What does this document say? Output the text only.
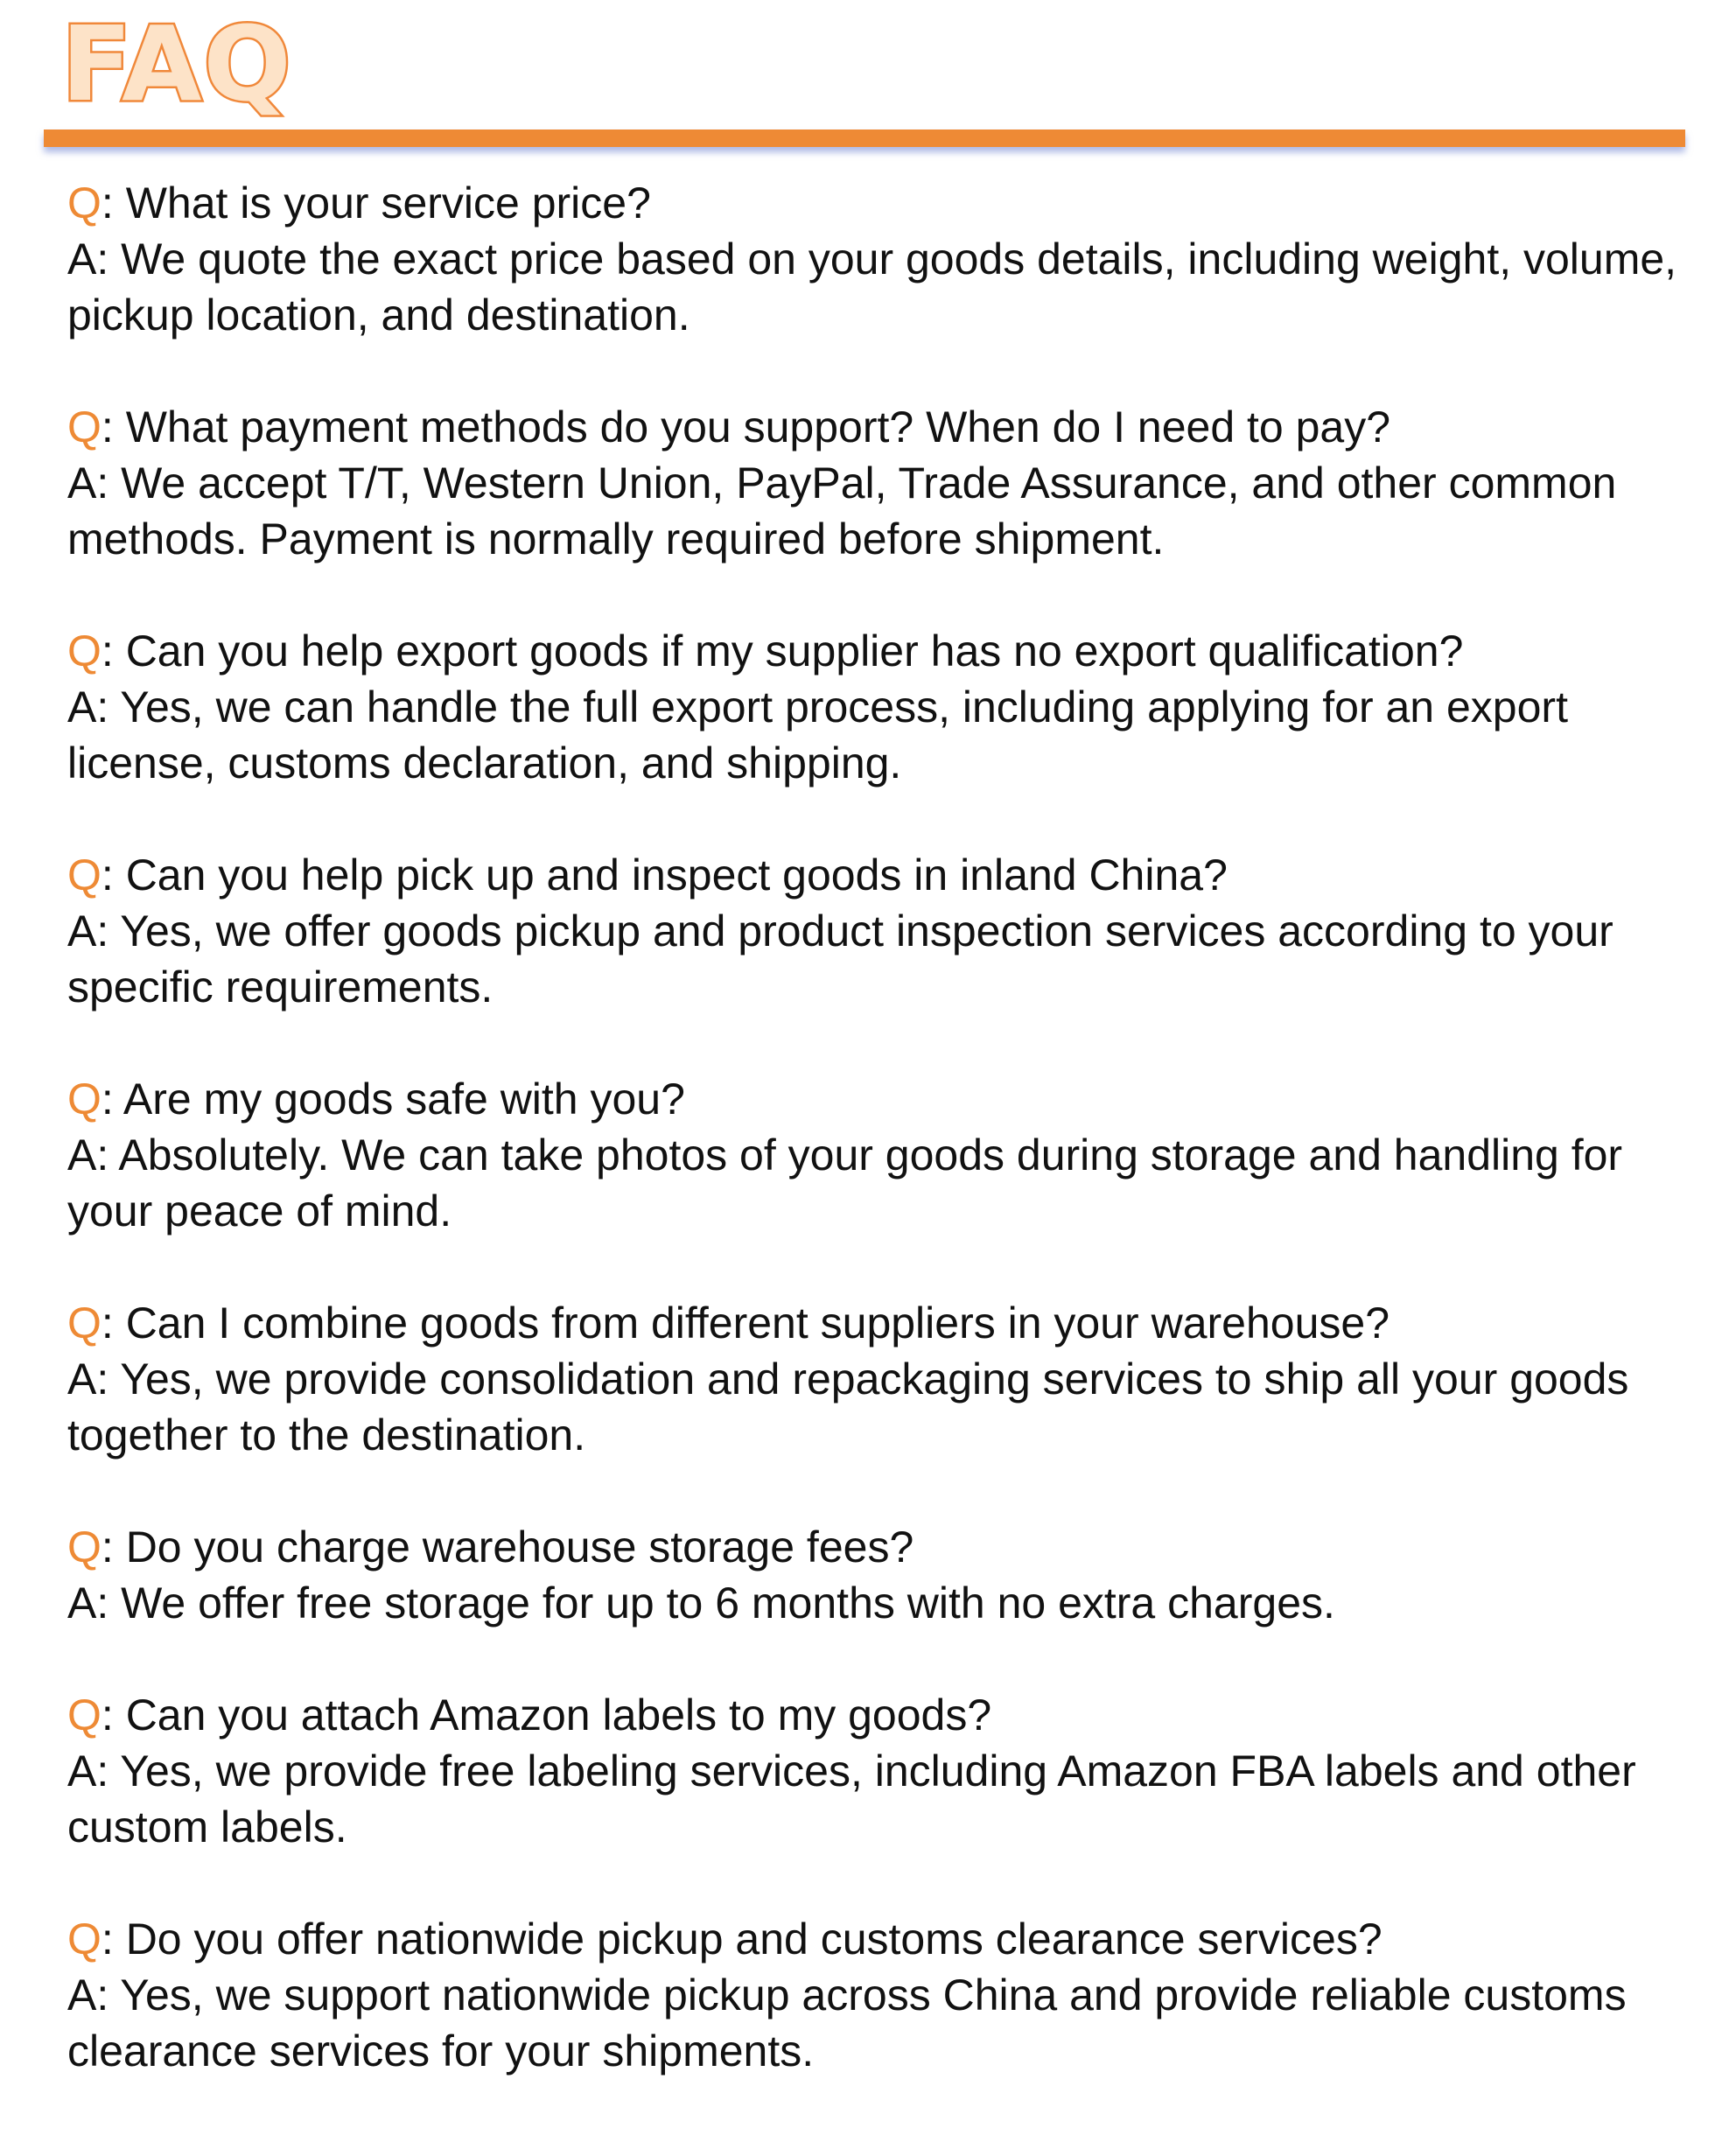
FAQ
Q: What is your service price?
A: We quote the exact price based on your goods details, including weight, volume, pickup location, and destination.
Q: What payment methods do you support? When do I need to pay?
A: We accept T/T, Western Union, PayPal, Trade Assurance, and other common methods. Payment is normally required before shipment.
Q: Can you help export goods if my supplier has no export qualification?
A: Yes, we can handle the full export process, including applying for an export license, customs declaration, and shipping.
Q: Can you help pick up and inspect goods in inland China?
A: Yes, we offer goods pickup and product inspection services according to your specific requirements.
Q: Are my goods safe with you?
A: Absolutely. We can take photos of your goods during storage and handling for your peace of mind.
Q: Can I combine goods from different suppliers in your warehouse?
A: Yes, we provide consolidation and repackaging services to ship all your goods together to the destination.
Q: Do you charge warehouse storage fees?
A: We offer free storage for up to 6 months with no extra charges.
Q: Can you attach Amazon labels to my goods?
A: Yes, we provide free labeling services, including Amazon FBA labels and other custom labels.
Q: Do you offer nationwide pickup and customs clearance services?
A: Yes, we support nationwide pickup across China and provide reliable customs clearance services for your shipments.
